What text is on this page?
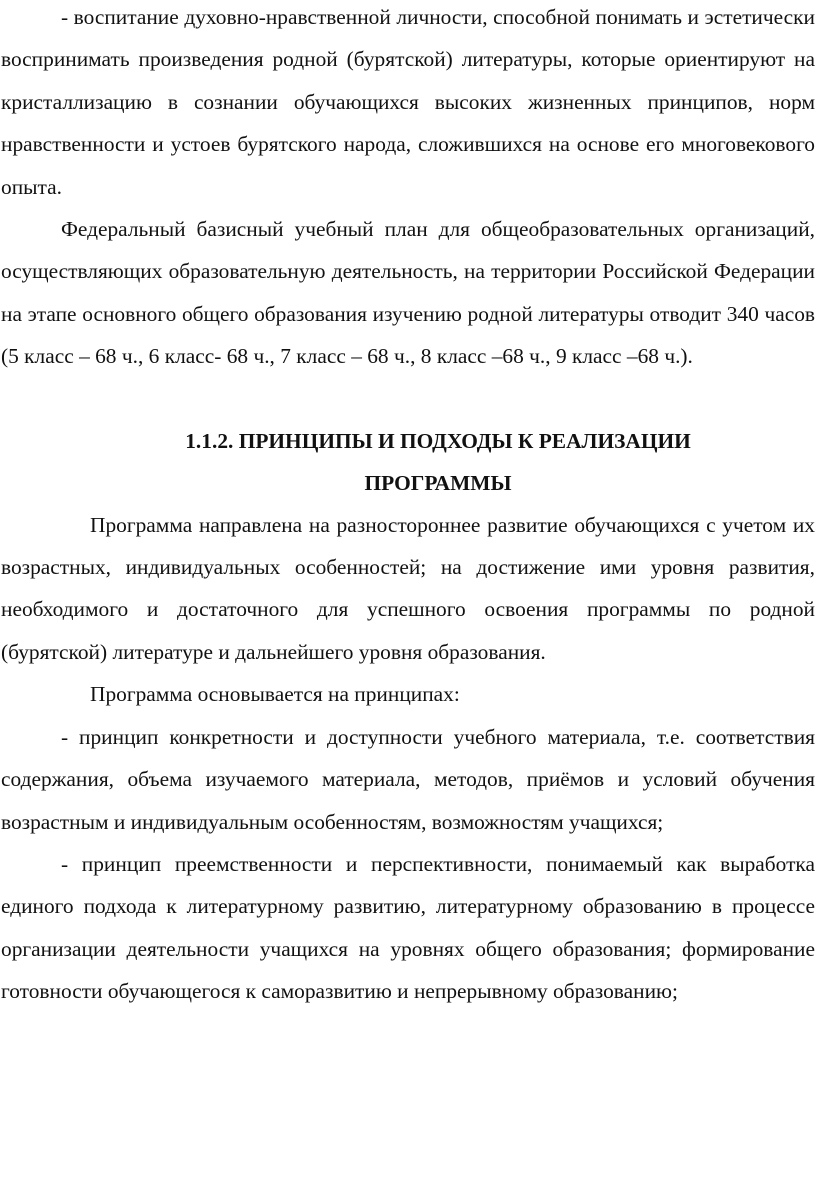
- воспитание духовно-нравственной личности, способной понимать и эстетически воспринимать произведения родной (бурятской) литературы, которые ориентируют на кристаллизацию в сознании обучающихся высоких жизненных принципов, норм нравственности и устоев бурятского народа, сложившихся на основе его многовекового опыта.

Федеральный базисный учебный план для общеобразовательных организаций, осуществляющих образовательную деятельность, на территории Российской Федерации на этапе основного общего образования изучению родной литературы отводит 340 часов (5 класс – 68 ч., 6 класс- 68 ч., 7 класс – 68 ч., 8 класс –68 ч., 9 класс –68 ч.).

1.1.2. ПРИНЦИПЫ И ПОДХОДЫ К РЕАЛИЗАЦИИ

ПРОГРАММЫ

Программа направлена на разностороннее развитие обучающихся с учетом их возрастных, индивидуальных особенностей; на достижение ими уровня развития, необходимого и достаточного для успешного освоения программы по родной (бурятской) литературе и дальнейшего уровня образования.

Программа основывается на принципах:

- принцип конкретности и доступности учебного материала, т.е. соответствия содержания, объема изучаемого материала, методов, приёмов и условий обучения возрастным и индивидуальным особенностям, возможностям учащихся;

- принцип преемственности и перспективности, понимаемый как выработка единого подхода к литературному развитию, литературному образованию в процессе организации деятельности учащихся на уровнях общего образования; формирование готовности обучающегося к саморазвитию и непрерывному образованию;
